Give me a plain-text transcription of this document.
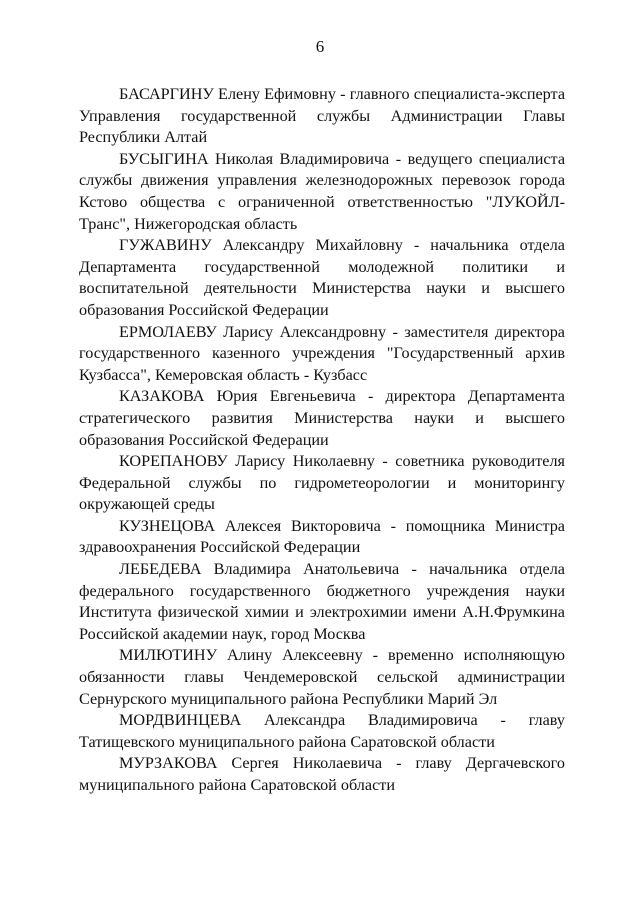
6

БАСАРГИНУ Елену Ефимовну - главного специалиста-эксперта Управления государственной службы Администрации Главы Республики Алтай

БУСЫГИНА Николая Владимировича - ведущего специалиста службы движения управления железнодорожных перевозок города Кстово общества с ограниченной ответственностью "ЛУКОЙЛ-Транс", Нижегородская область

ГУЖАВИНУ Александру Михайловну - начальника отдела Департамента государственной молодежной политики и воспитательной деятельности Министерства науки и высшего образования Российской Федерации

ЕРМОЛАЕВУ Ларису Александровну - заместителя директора государственного казенного учреждения "Государственный архив Кузбасса", Кемеровская область - Кузбасс

КАЗАКОВА Юрия Евгеньевича - директора Департамента стратегического развития Министерства науки и высшего образования Российской Федерации

КОРЕПАНОВУ Ларису Николаевну - советника руководителя Федеральной службы по гидрометеорологии и мониторингу окружающей среды

КУЗНЕЦОВА Алексея Викторовича - помощника Министра здравоохранения Российской Федерации

ЛЕБЕДЕВА Владимира Анатольевича - начальника отдела федерального государственного бюджетного учреждения науки Института физической химии и электрохимии имени А.Н.Фрумкина Российской академии наук, город Москва

МИЛЮТИНУ Алину Алексеевну - временно исполняющую обязанности главы Чендемеровской сельской администрации Сернурского муниципального района Республики Марий Эл

МОРДВИНЦЕВА Александра Владимировича - главу Татищевского муниципального района Саратовской области

МУРЗАКОВА Сергея Николаевича - главу Дергачевского муниципального района Саратовской области
